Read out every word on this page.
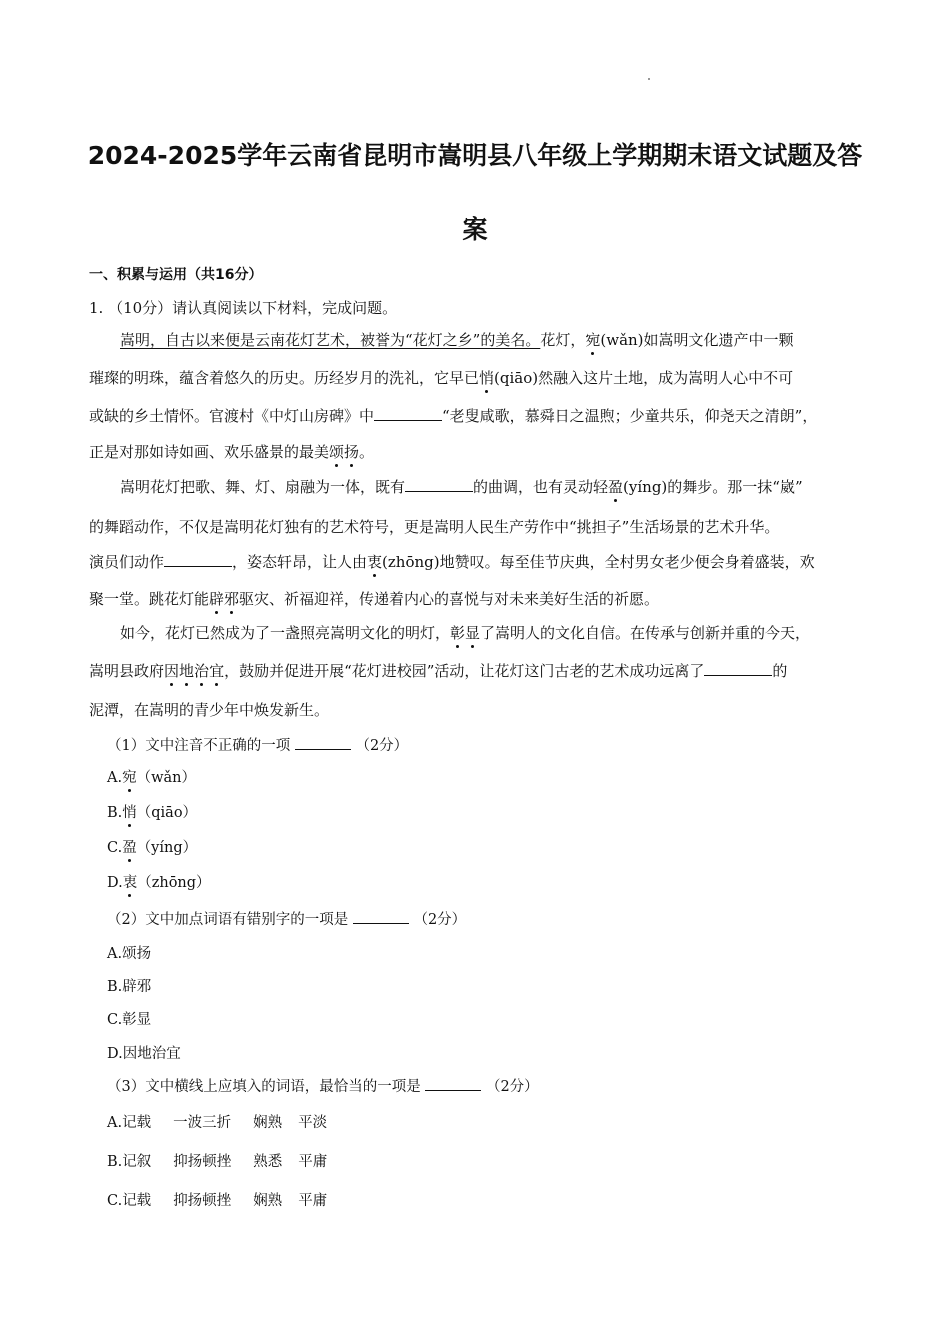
2024-2025学年云南省昆明市嵩明县八年级上学期期末语文试题及答
案
一、积累与运用（共16分）
1. （10分）请认真阅读以下材料，完成问题。
嵩明，自古以来便是云南花灯艺术，被誉为“花灯之乡”的美名。花灯，宛(wǎn)如嵩明文化遗产中一颗
璀璨的明珠，蕴含着悠久的历史。历经岁月的洗礼，它早已悄(qiāo)然融入这片土地，成为嵩明人心中不可
或缺的乡土情怀。官渡村《中灯山房碑》中	“老叟咸歌，慕舜日之温煦；少童共乐，仰尧天之清朗”，
正是对那如诗如画、欢乐盛景的最美颂扬。
嵩明花灯把歌、舞、灯、扇融为一体，既有	的曲调，也有灵动轻盈(yíng)的舞步。那一抹“崴”
的舞蹈动作，不仅是嵩明花灯独有的艺术符号，更是嵩明人民生产劳作中“挑担子”生活场景的艺术升华。
演员们动作	，姿态轩昂，让人由衷(zhōng)地赞叹。每至佳节庆典，全村男女老少便会身着盛装，欢
聚一堂。跳花灯能辟邪驱灾、祈福迎祥，传递着内心的喜悦与对未来美好生活的祈愿。
如今，花灯已然成为了一盏照亮嵩明文化的明灯，彰显了嵩明人的文化自信。在传承与创新并重的今天，
嵩明县政府因地治宜，鼓励并促进开展“花灯进校园”活动，让花灯这门古老的艺术成功远离了	的
泥潭，在嵩明的青少年中焕发新生。
（1）文中注音不正确的一项	（2分）
A.宛（wǎn）
B.悄（qiāo）
C.盈（yíng）
D.衷（zhōng）
（2）文中加点词语有错别字的一项是	（2分）
A.颂扬
B.辟邪
C.彰显
D.因地治宜
（3）文中横线上应填入的词语，最恰当的一项是	（2分）
A.记载 一波三折 娴熟 平淡
B.记叙 抑扬顿挫 熟悉 平庸
C.记载 抑扬顿挫 娴熟 平庸
